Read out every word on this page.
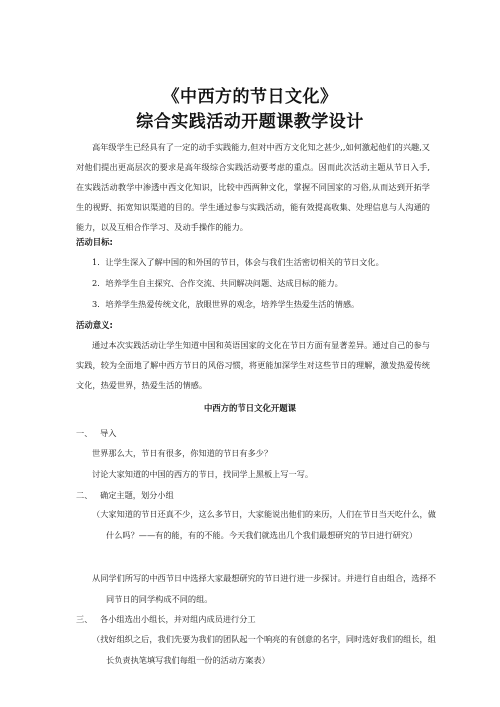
《中西方的节日文化》
综合实践活动开题课教学设计
高年级学生已经具有了一定的动手实践能力,但对中西方文化知之甚少,,如何激起他们的兴趣,又对他们提出更高层次的要求是高年级综合实践活动要考虑的重点。因而此次活动主题从节日入手,在实践活动教学中渗透中西文化知识，比较中西两种文化，掌握不同国家的习俗,从而达到开拓学生的视野、拓宽知识渠道的目的。学生通过参与实践活动，能有效提高收集、处理信息与人沟通的能力，以及互相合作学习、及动手操作的能力。
活动目标:
1．让学生深入了解中国的和外国的节日，体会与我们生活密切相关的节日文化。
2．培养学生自主探究、合作交流、共同解决问题、达成目标的能力。
3．培养学生热爱传统文化，放眼世界的观念，培养学生热爱生活的情感。
活动意义:
通过本次实践活动让学生知道中国和英语国家的文化在节日方面有显著差异。通过自己的参与实践，较为全面地了解中西方节日的风俗习惯，将更能加深学生对这些节日的理解，激发热爱传统文化，热爱世界，热爱生活的情感。
中西方的节日文化开题课
一、 导入
世界那么大，节日有很多，你知道的节日有多少？
讨论大家知道的中国的西方的节日，找同学上黑板上写一写。
二、 确定主题，划分小组
（大家知道的节日还真不少，这么多节日，大家能说出他们的来历，人们在节日当天吃什么，做什么吗？——有的能，有的不能。今天我们就选出几个我们最想研究的节日进行研究）
从同学们所写的中西节日中选择大家最想研究的节日进行进一步探讨。并进行自由组合，选择不同节日的同学构成不同的组。
三、 各小组选出小组长，并对组内成员进行分工
（找好组织之后，我们先要为我们的团队起一个响亮的有创意的名字，同时选好我们的组长，组长负责执笔填写我们每组一份的活动方案表）
